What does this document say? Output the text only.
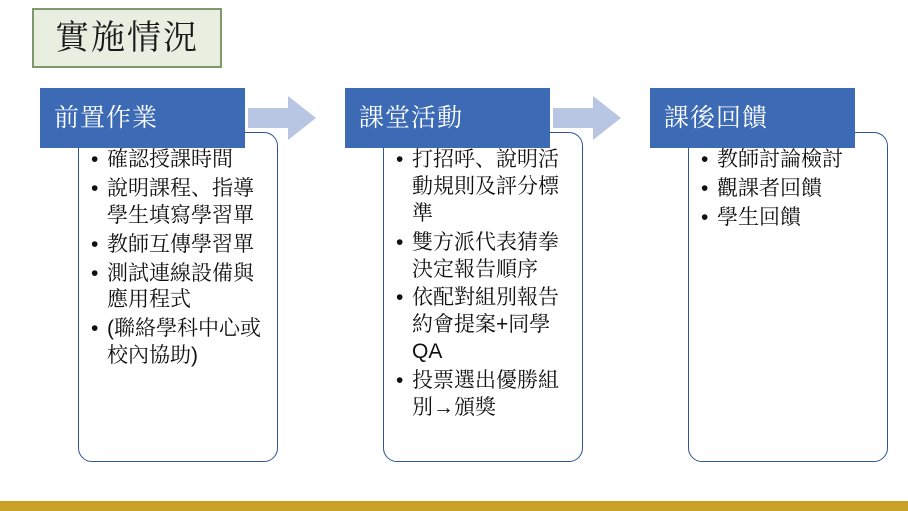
實施情況
前置作業
• 確認授課時間
• 說明課程、指導學生填寫學習單
• 教師互傳學習單
• 測試連線設備與應用程式
• (聯絡學科中心或校內協助)
課堂活動
• 打招呼、說明活動規則及評分標準
• 雙方派代表猜拳決定報告順序
• 依配對組別報告約會提案+同學QA
• 投票選出優勝組別→頒獎
課後回饋
• 教師討論檢討
• 觀課者回饋
• 學生回饋
